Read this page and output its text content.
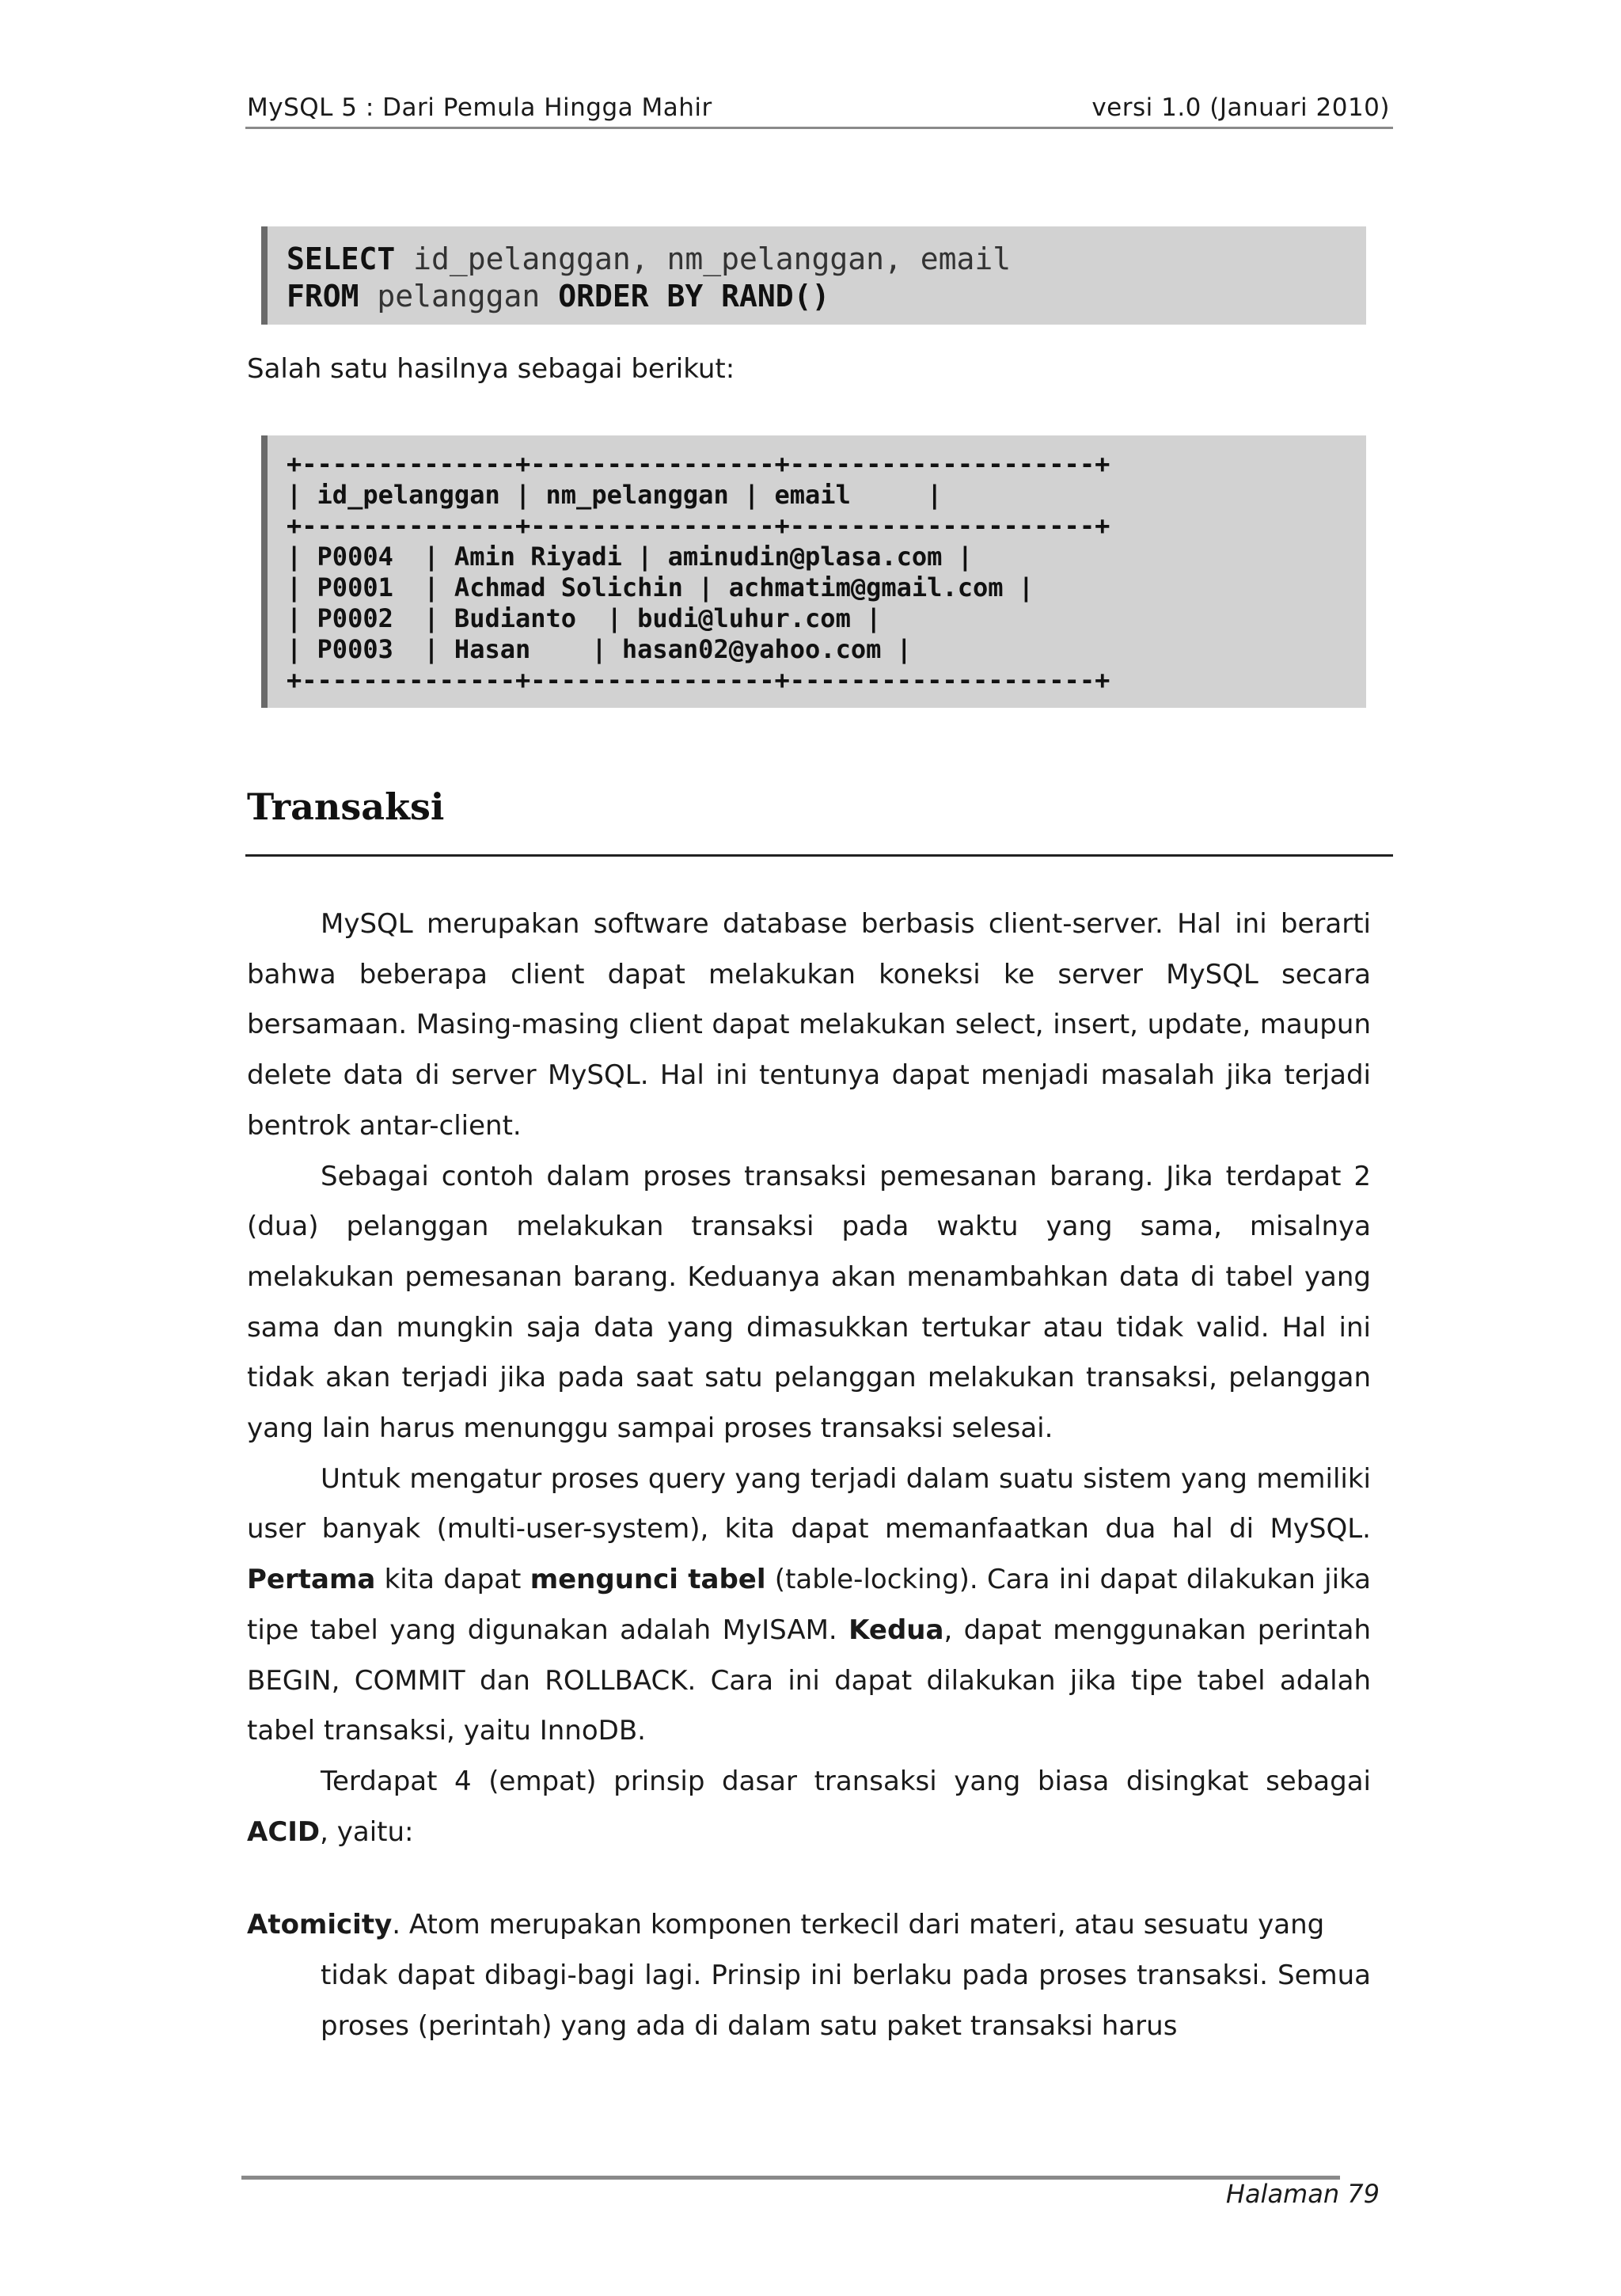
MySQL 5 : Dari Pemula Hingga Mahir	versi 1.0 (Januari 2010)
SELECT id_pelanggan, nm_pelanggan, email
FROM pelanggan ORDER BY RAND()
Salah satu hasilnya sebagai berikut:
+--------------+----------------+--------------------+
| id_pelanggan | nm_pelanggan | email     |
+--------------+----------------+--------------------+
| P0004  | Amin Riyadi | aminudin@plasa.com |
| P0001  | Achmad Solichin | achmatim@gmail.com |
| P0002  | Budianto  | budi@luhur.com |
| P0003  | Hasan    | hasan02@yahoo.com |
+--------------+----------------+--------------------+
Transaksi

MySQL merupakan software database berbasis client-server. Hal ini berarti bahwa beberapa client dapat melakukan koneksi ke server MySQL secara bersamaan. Masing-masing client dapat melakukan select, insert, update, maupun delete data di server MySQL. Hal ini tentunya dapat menjadi masalah jika terjadi bentrok antar-client.

Sebagai contoh dalam proses transaksi pemesanan barang. Jika terdapat 2 (dua) pelanggan melakukan transaksi pada waktu yang sama, misalnya melakukan pemesanan barang. Keduanya akan menambahkan data di tabel yang sama dan mungkin saja data yang dimasukkan tertukar atau tidak valid. Hal ini tidak akan terjadi jika pada saat satu pelanggan melakukan transaksi, pelanggan yang lain harus menunggu sampai proses transaksi selesai.

Untuk mengatur proses query yang terjadi dalam suatu sistem yang memiliki user banyak (multi-user-system), kita dapat memanfaatkan dua hal di MySQL. Pertama kita dapat mengunci tabel (table-locking). Cara ini dapat dilakukan jika tipe tabel yang digunakan adalah MyISAM. Kedua, dapat menggunakan perintah BEGIN, COMMIT dan ROLLBACK. Cara ini dapat dilakukan jika tipe tabel adalah tabel transaksi, yaitu InnoDB.

Terdapat 4 (empat) prinsip dasar transaksi yang biasa disingkat sebagai ACID, yaitu:

Atomicity. Atom merupakan komponen terkecil dari materi, atau sesuatu yang
tidak dapat dibagi-bagi lagi. Prinsip ini berlaku pada proses transaksi. Semua proses (perintah) yang ada di dalam satu paket transaksi harus
Halaman 79
